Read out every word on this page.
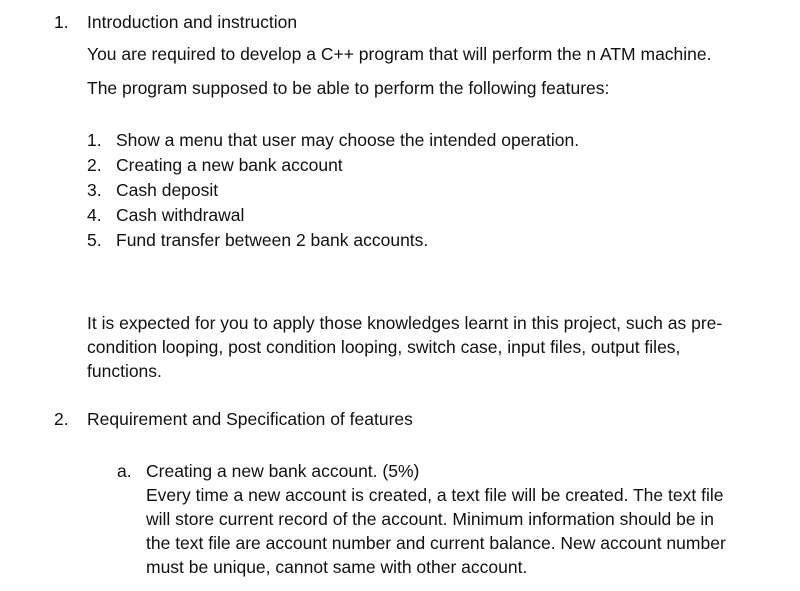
1. Introduction and instruction
You are required to develop a C++ program that will perform the n ATM machine.
The program supposed to be able to perform the following features:
1. Show a menu that user may choose the intended operation.
2. Creating a new bank account
3. Cash deposit
4. Cash withdrawal
5. Fund transfer between 2 bank accounts.
It is expected for you to apply those knowledges learnt in this project, such as pre-
condition looping, post condition looping, switch case, input files, output files,
functions.
2. Requirement and Specification of features
a. Creating a new bank account. (5%)
Every time a new account is created, a text file will be created. The text file
will store current record of the account. Minimum information should be in
the text file are account number and current balance. New account number
must be unique, cannot same with other account.
